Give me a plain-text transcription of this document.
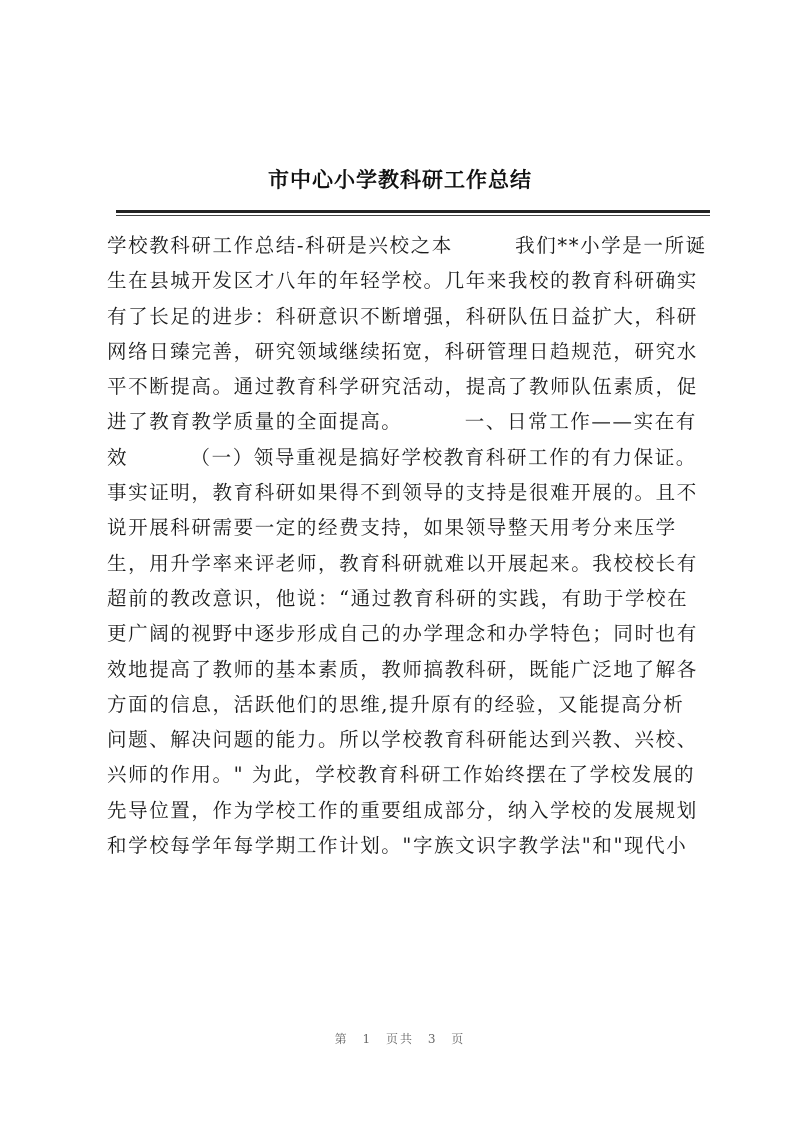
市中心小学教科研工作总结
学校教科研工作总结-科研是兴校之本        我们**小学是一所诞
生在县城开发区才八年的年轻学校。几年来我校的教育科研确实
有了长足的进步：科研意识不断增强，科研队伍日益扩大，科研
网络日臻完善，研究领域继续拓宽，科研管理日趋规范，研究水
平不断提高。通过教育科学研究活动，提高了教师队伍素质，促
进了教育教学质量的全面提高。        一、日常工作——实在有
效        （一）领导重视是搞好学校教育科研工作的有力保证。
事实证明，教育科研如果得不到领导的支持是很难开展的。且不
说开展科研需要一定的经费支持，如果领导整天用考分来压学
生，用升学率来评老师，教育科研就难以开展起来。我校校长有
超前的教改意识，他说：“通过教育科研的实践，有助于学校在
更广阔的视野中逐步形成自己的办学理念和办学特色；同时也有
效地提高了教师的基本素质，教师搞教科研，既能广泛地了解各
方面的信息，活跃他们的思维,提升原有的经验，又能提高分析
问题、解决问题的能力。所以学校教育科研能达到兴教、兴校、
兴师的作用。" 为此，学校教育科研工作始终摆在了学校发展的
先导位置，作为学校工作的重要组成部分，纳入学校的发展规划
和学校每学年每学期工作计划。"字族文识字教学法"和"现代小
第 1 页共 3 页
